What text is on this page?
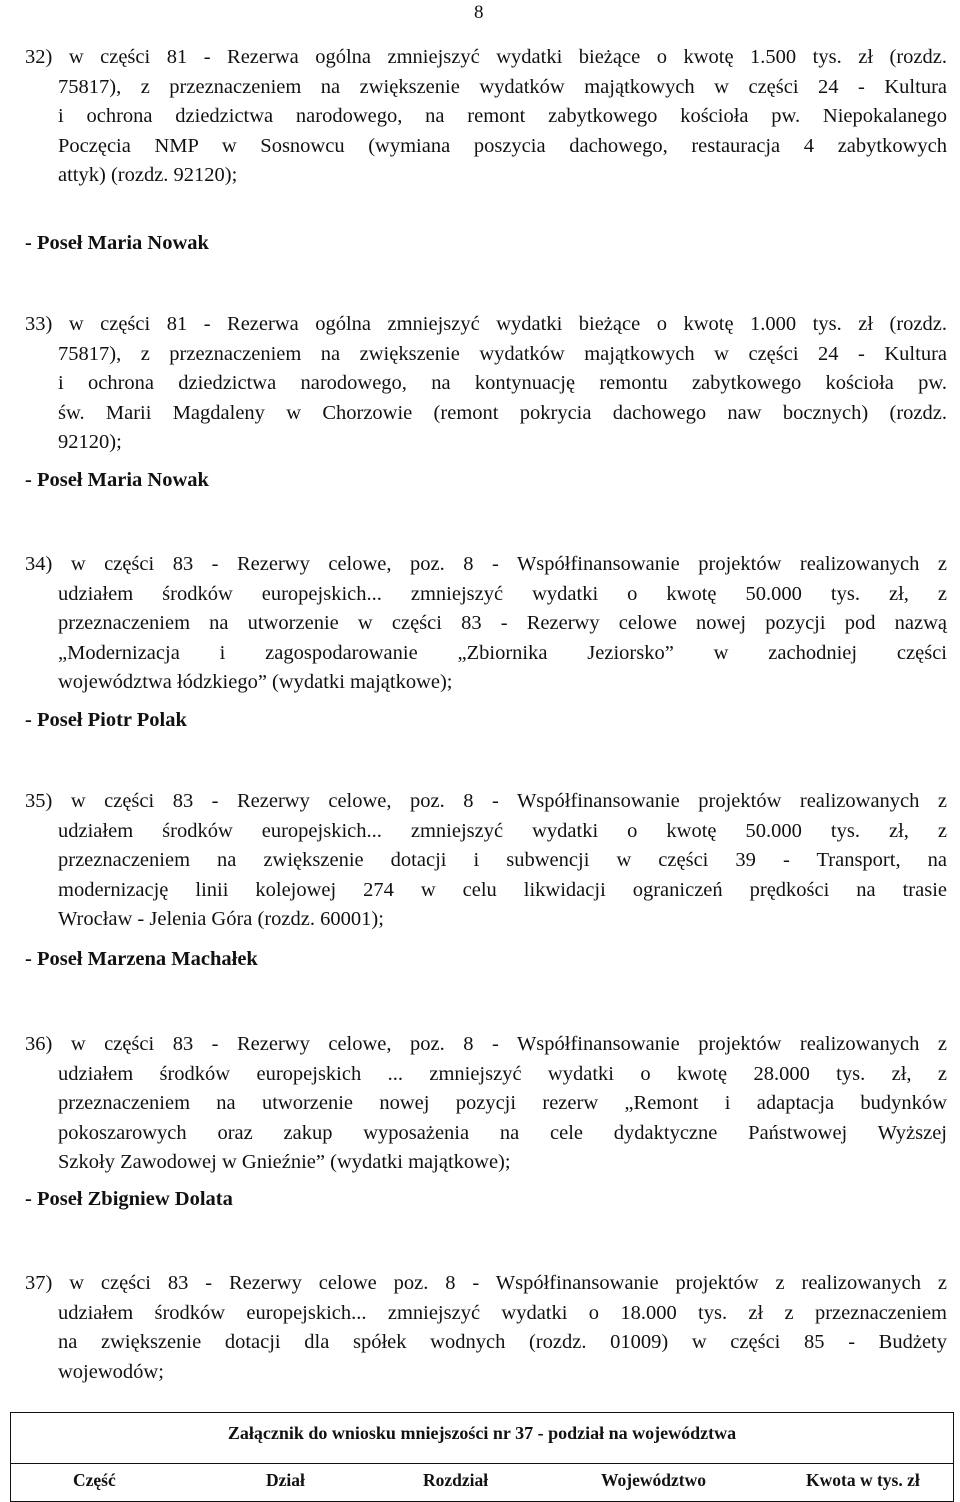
8
32) w części 81 - Rezerwa ogólna zmniejszyć wydatki bieżące o kwotę 1.500 tys. zł (rozdz.
75817), z przeznaczeniem na zwiększenie wydatków majątkowych w części 24 - Kultura
i ochrona dziedzictwa narodowego, na remont zabytkowego kościoła pw. Niepokalanego
Poczęcia NMP w Sosnowcu (wymiana poszycia dachowego, restauracja 4 zabytkowych
attyk) (rozdz. 92120);
- Poseł Maria Nowak
33) w części 81 - Rezerwa ogólna zmniejszyć wydatki bieżące o kwotę 1.000 tys. zł (rozdz.
75817), z przeznaczeniem na zwiększenie wydatków majątkowych w części 24 - Kultura
i ochrona dziedzictwa narodowego, na kontynuację remontu zabytkowego kościoła pw.
św. Marii Magdaleny w Chorzowie (remont pokrycia dachowego naw bocznych) (rozdz.
92120);
- Poseł Maria Nowak
34) w części 83 - Rezerwy celowe, poz. 8 - Współfinansowanie projektów realizowanych z
udziałem środków europejskich... zmniejszyć wydatki o kwotę 50.000 tys. zł, z
przeznaczeniem na utworzenie w części 83 - Rezerwy celowe nowej pozycji pod nazwą
„Modernizacja i zagospodarowanie „Zbiornika Jeziorsko” w zachodniej części
województwa łódzkiego” (wydatki majątkowe);
- Poseł Piotr Polak
35) w części 83 - Rezerwy celowe, poz. 8 - Współfinansowanie projektów realizowanych z
udziałem środków europejskich... zmniejszyć wydatki o kwotę 50.000 tys. zł, z
przeznaczeniem na zwiększenie dotacji i subwencji w części 39 - Transport, na
modernizację linii kolejowej 274 w celu likwidacji ograniczeń prędkości na trasie
Wrocław - Jelenia Góra (rozdz. 60001);
- Poseł Marzena Machałek
36) w części 83 - Rezerwy celowe, poz. 8 - Współfinansowanie projektów realizowanych z
udziałem środków europejskich ... zmniejszyć wydatki o kwotę 28.000 tys. zł, z
przeznaczeniem na utworzenie nowej pozycji rezerw „Remont i adaptacja budynków
pokoszarowych oraz zakup wyposażenia na cele dydaktyczne Państwowej Wyższej
Szkoły Zawodowej w Gnieźnie” (wydatki majątkowe);
- Poseł Zbigniew Dolata
37) w części 83 - Rezerwy celowe poz. 8 - Współfinansowanie projektów z realizowanych z
udziałem środków europejskich... zmniejszyć wydatki o 18.000 tys. zł z przeznaczeniem
na zwiększenie dotacji dla spółek wodnych (rozdz. 01009) w części 85 - Budżety
wojewodów;
Załącznik do wniosku mniejszości nr 37 - podział na województwa
Część	Dział	Rozdział	Województwo	Kwota w tys. zł
